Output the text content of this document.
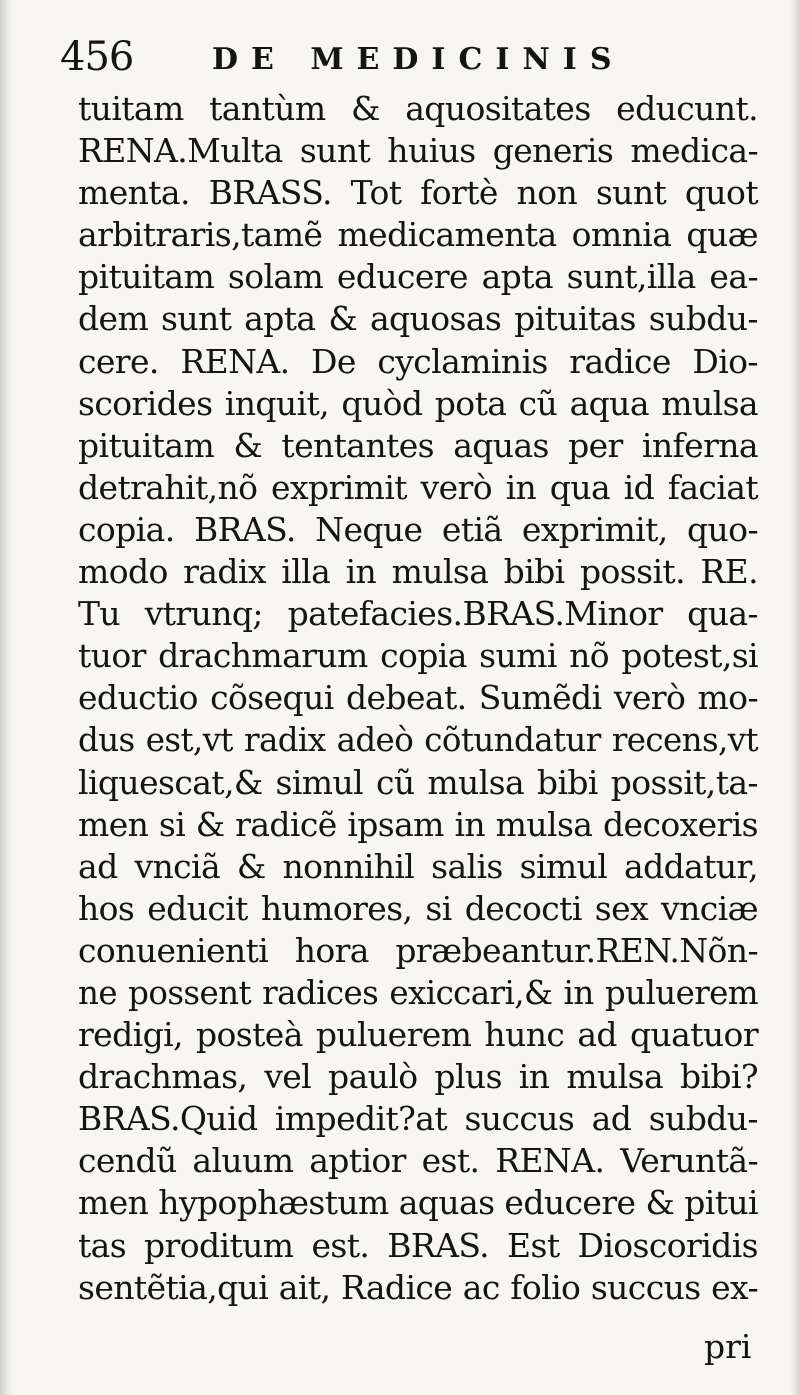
456	DE MEDICINIS
tuitam tantùm & aquositates educunt.
RENA.Multa sunt huius generis medica-
menta. BRASS. Tot fortè non sunt quot
arbitraris,tamẽ medicamenta omnia quæ
pituitam solam educere apta sunt,illa ea-
dem sunt apta & aquosas pituitas subdu-
cere. RENA. De cyclaminis radice Dio-
scorides inquit, quòd pota cũ aqua mulsa
pituitam & tentantes aquas per inferna
detrahit,nõ exprimit verò in qua id faciat
copia. BRAS. Neque etiã exprimit, quo-
modo radix illa in mulsa bibi possit. RE.
Tu vtrunq; patefacies.BRAS.Minor qua-
tuor drachmarum copia sumi nõ potest,si
eductio cõsequi debeat. Sumẽdi verò mo-
dus est,vt radix adeò cõtundatur recens,vt
liquescat,& simul cũ mulsa bibi possit,ta-
men si & radicẽ ipsam in mulsa decoxeris
ad vnciã & nonnihil salis simul addatur,
hos educit humores, si decocti sex vnciæ
conuenienti hora præbeantur.REN.Nõn-
ne possent radices exiccari,& in puluerem
redigi, posteà puluerem hunc ad quatuor
drachmas, vel paulò plus in mulsa bibi?
BRAS.Quid impedit?at succus ad subdu-
cendũ aluum aptior est. RENA. Veruntã-
men hypophæstum aquas educere & pitui
tas proditum est. BRAS. Est Dioscoridis
sentẽtia,qui ait, Radice ac folio succus ex-
pri
